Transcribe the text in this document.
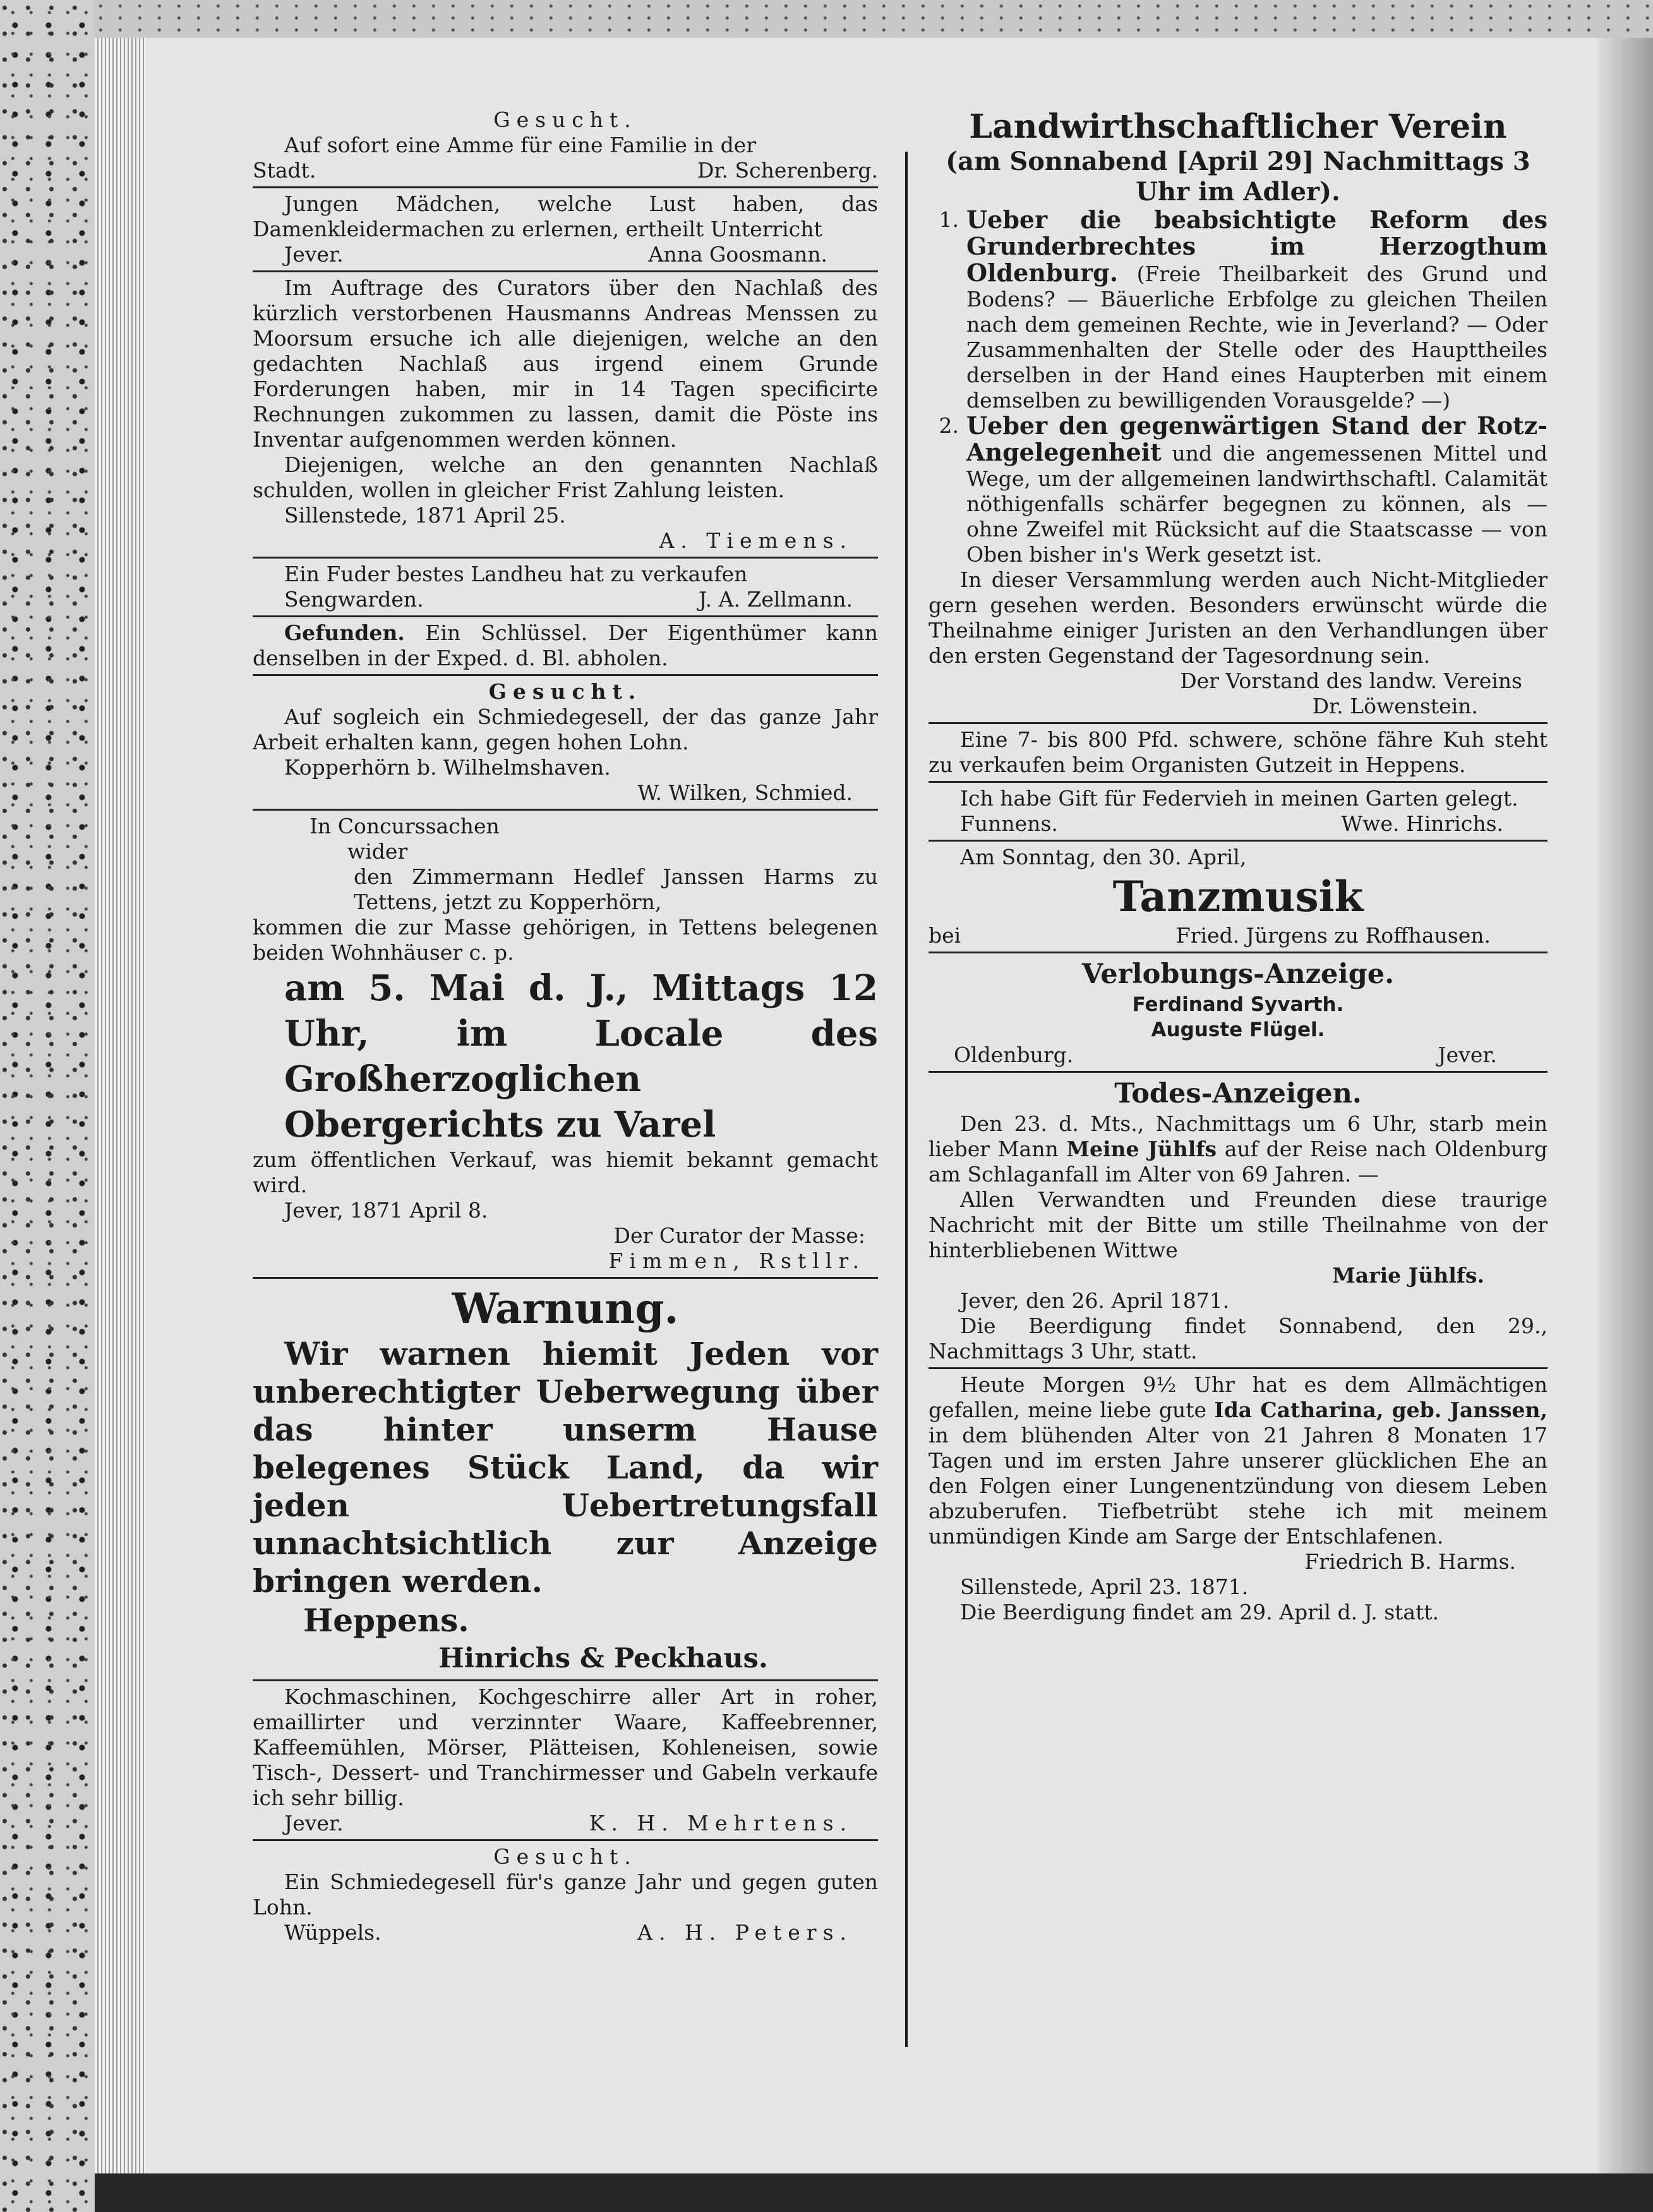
Gesucht.
Auf sofort eine Amme für eine Familie in der
Stadt.	Dr. Scherenberg.
Jungen Mädchen, welche Lust haben, das Damenkleidermachen zu erlernen, ertheilt Unterricht
Jever.	Anna Goosmann.
Im Auftrage des Curators über den Nachlaß des kürzlich verstorbenen Hausmanns Andreas Menssen zu Moorsum ersuche ich alle diejenigen, welche an den gedachten Nachlaß aus irgend einem Grunde Forderungen haben, mir in 14 Tagen specificirte Rechnungen zukommen zu lassen, damit die Pöste ins Inventar aufgenommen werden können.
Diejenigen, welche an den genannten Nachlaß schulden, wollen in gleicher Frist Zahlung leisten.
Sillenstede, 1871 April 25.
A. Tiemens.
Ein Fuder bestes Landheu hat zu verkaufen
Sengwarden.	J. A. Zellmann.
Gefunden. Ein Schlüssel. Der Eigenthümer kann denselben in der Exped. d. Bl. abholen.
Gesucht.
Auf sogleich ein Schmiedegesell, der das ganze Jahr Arbeit erhalten kann, gegen hohen Lohn.
Kopperhörn b. Wilhelmshaven.
W. Wilken, Schmied.
In Concurssachen
wider
den Zimmermann Hedlef Janssen Harms zu Tettens, jetzt zu Kopperhörn,
kommen die zur Masse gehörigen, in Tettens belegenen beiden Wohnhäuser c. p.
am 5. Mai d. J., Mittags 12 Uhr, im Locale des Großherzoglichen Obergerichts zu Varel
zum öffentlichen Verkauf, was hiemit bekannt gemacht wird.
Jever, 1871 April 8.
Der Curator der Masse:
Fimmen, Rstllr.
Warnung.
Wir warnen hiemit Jeden vor unberechtigter Ueberwegung über das hinter unserm Hause belegenes Stück Land, da wir jeden Uebertretungsfall unnachtsichtlich zur Anzeige bringen werden.
Heppens.
Hinrichs & Peckhaus.
Kochmaschinen, Kochgeschirre aller Art in roher, emaillirter und verzinnter Waare, Kaffeebrenner, Kaffeemühlen, Mörser, Plätteisen, Kohleneisen, sowie Tisch-, Dessert- und Tranchirmesser und Gabeln verkaufe ich sehr billig.
Jever.	K. H. Mehrtens.
Gesucht.
Ein Schmiedegesell für's ganze Jahr und gegen guten Lohn.
Wüppels.	A. H. Peters.
Landwirthschaftlicher Verein
(am Sonnabend [April 29] Nachmittags 3 Uhr im Adler).
1. Ueber die beabsichtigte Reform des Grunderbrechtes im Herzogthum Oldenburg. (Freie Theilbarkeit des Grund und Bodens? — Bäuerliche Erbfolge zu gleichen Theilen nach dem gemeinen Rechte, wie in Jeverland? — Oder Zusammenhalten der Stelle oder des Haupttheiles derselben in der Hand eines Haupterben mit einem demselben zu bewilligenden Vorausgelde? —)
2. Ueber den gegenwärtigen Stand der Rotz-Angelegenheit und die angemessenen Mittel und Wege, um der allgemeinen landwirthschaftl. Calamität nöthigenfalls schärfer begegnen zu können, als — ohne Zweifel mit Rücksicht auf die Staatscasse — von Oben bisher in's Werk gesetzt ist.
In dieser Versammlung werden auch Nicht-Mitglieder gern gesehen werden. Besonders erwünscht würde die Theilnahme einiger Juristen an den Verhandlungen über den ersten Gegenstand der Tagesordnung sein.
Der Vorstand des landw. Vereins
Dr. Löwenstein.
Eine 7- bis 800 Pfd. schwere, schöne fähre Kuh steht zu verkaufen beim Organisten Gutzeit in Heppens.
Ich habe Gift für Federvieh in meinen Garten gelegt.
Funnens.	Wwe. Hinrichs.
Am Sonntag, den 30. April,
Tanzmusik
bei	Fried. Jürgens zu Roffhausen.
Verlobungs-Anzeige.
Ferdinand Syvarth.
Auguste Flügel.
Oldenburg.	Jever.
Todes-Anzeigen.
Den 23. d. Mts., Nachmittags um 6 Uhr, starb mein lieber Mann Meine Jühlfs auf der Reise nach Oldenburg am Schlaganfall im Alter von 69 Jahren. —
Allen Verwandten und Freunden diese traurige Nachricht mit der Bitte um stille Theilnahme von der hinterbliebenen Wittwe
Marie Jühlfs.
Jever, den 26. April 1871.
Die Beerdigung findet Sonnabend, den 29., Nachmittags 3 Uhr, statt.
Heute Morgen 9½ Uhr hat es dem Allmächtigen gefallen, meine liebe gute Ida Catharina, geb. Janssen, in dem blühenden Alter von 21 Jahren 8 Monaten 17 Tagen und im ersten Jahre unserer glücklichen Ehe an den Folgen einer Lungenentzündung von diesem Leben abzuberufen. Tiefbetrübt stehe ich mit meinem unmündigen Kinde am Sarge der Entschlafenen.
Friedrich B. Harms.
Sillenstede, April 23. 1871.
Die Beerdigung findet am 29. April d. J. statt.
